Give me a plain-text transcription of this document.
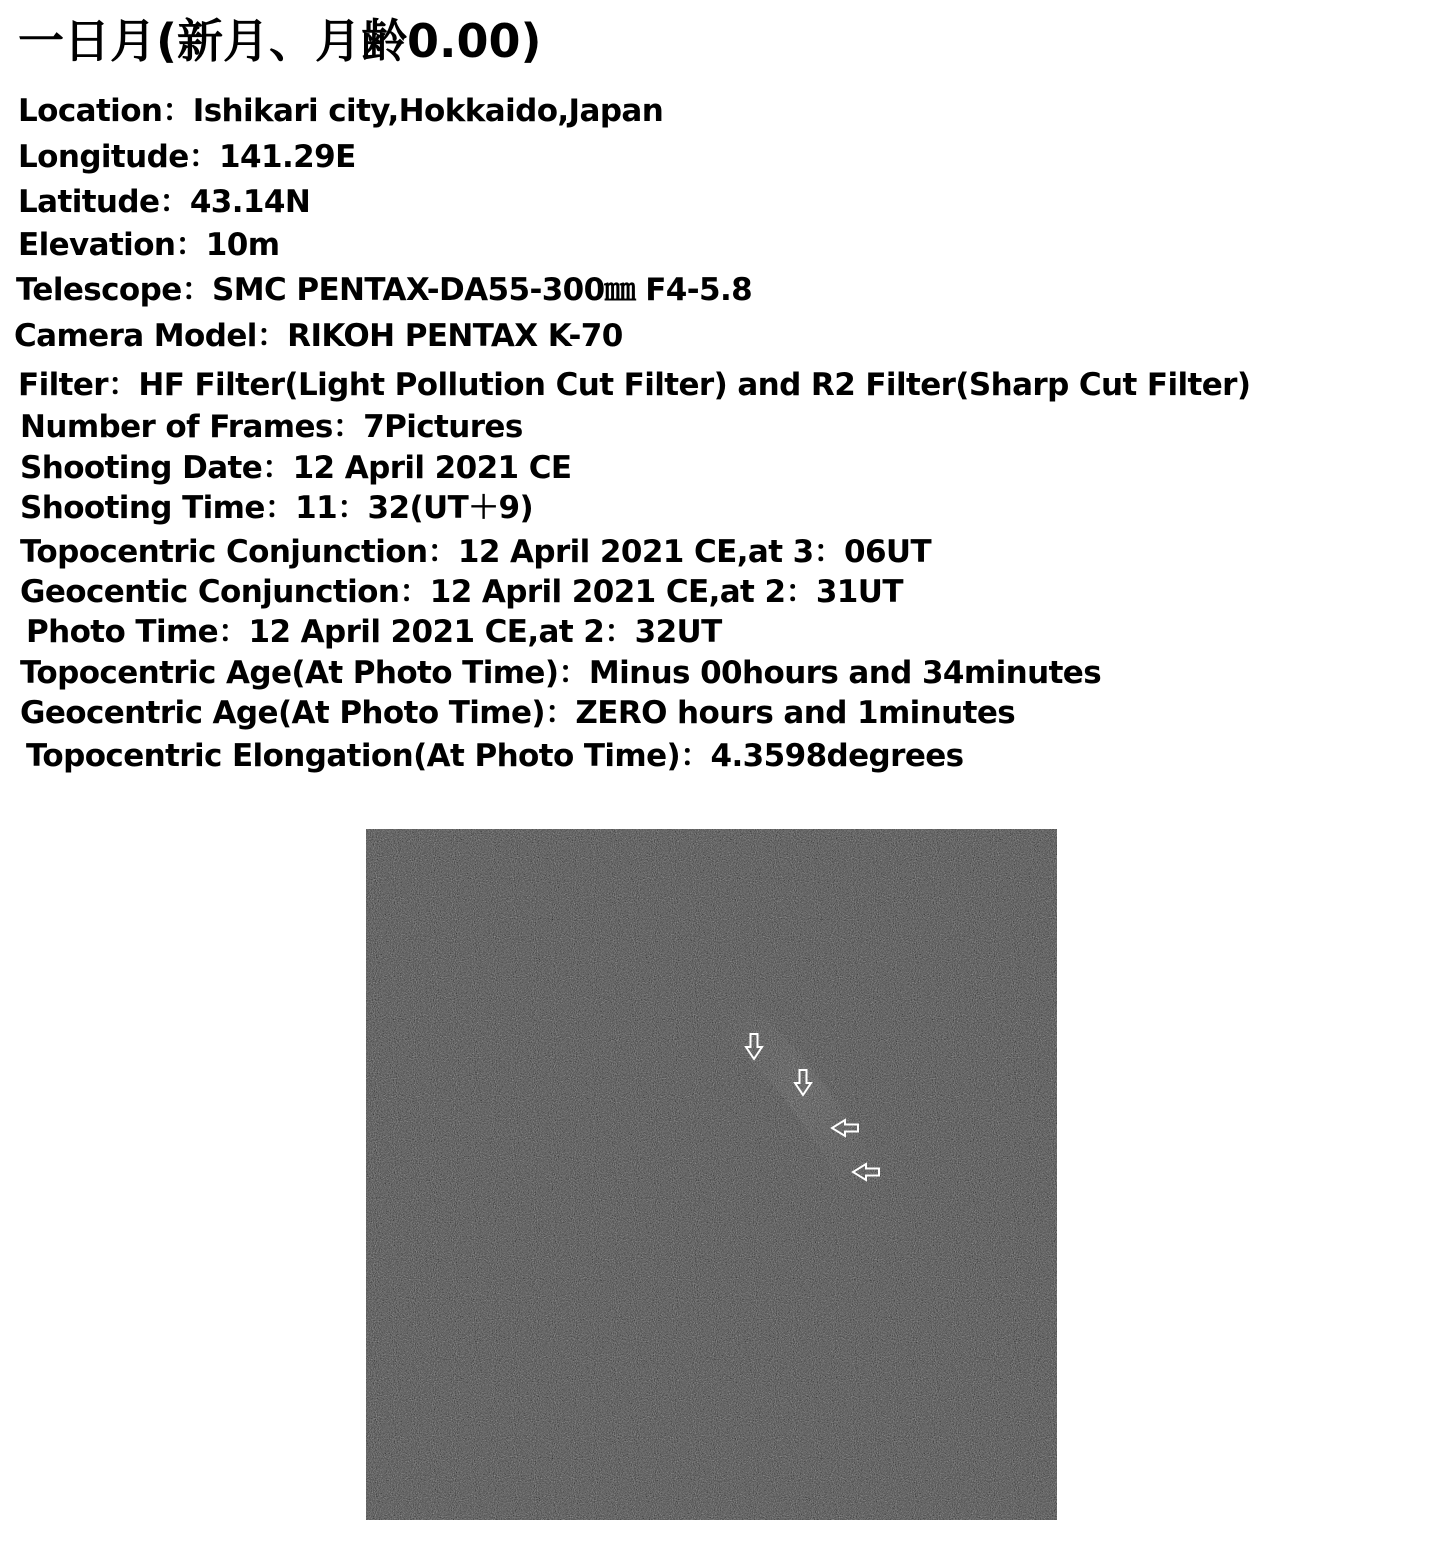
一日月(新月、月齢0.00)
Location：Ishikari city,Hokkaido,Japan
Longitude：141.29E
Latitude：43.14N
Elevation：10m
Telescope：SMC PENTAX-DA55-300㎜ F4-5.8
Camera Model：RIKOH PENTAX K-70
Filter：HF Filter(Light Pollution Cut Filter) and R2 Filter(Sharp Cut Filter)
Number of Frames：7Pictures
Shooting Date：12 April 2021 CE
Shooting Time：11：32(UT＋9)
Topocentric Conjunction：12 April 2021 CE,at 3：06UT
Geocentic Conjunction：12 April 2021 CE,at 2：31UT
Photo Time：12 April 2021 CE,at 2：32UT
Topocentric Age(At Photo Time)：Minus 00hours and 34minutes
Geocentric Age(At Photo Time)：ZERO hours and 1minutes
Topocentric Elongation(At Photo Time)：4.3598degrees
